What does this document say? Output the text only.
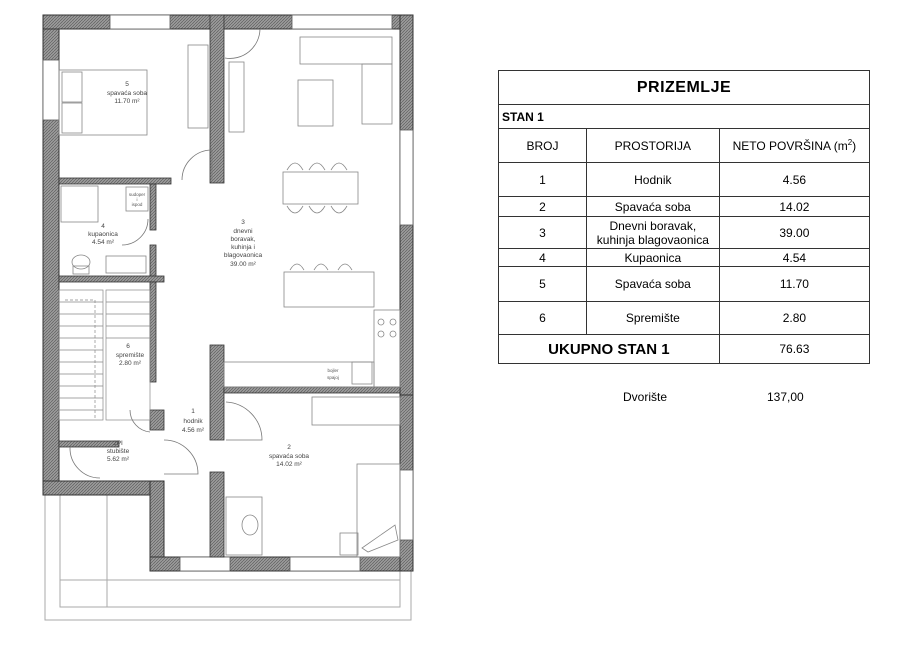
5
spavaća soba
11.70 m²
4
kupaonica
4.54 m²
3
dnevni
boravak,
kuhinja i
blagovaonica
39.00 m²
6
spremište
2.80 m²
1
hodnik
4.56 m²
2PI
stubište
5.62 m²
2
spavaća soba
14.02 m²
sudoper
i
ispod
bojler
spajoj
PRIZEMLJE		
STAN 1		
BROJ	PROSTORIJA	NETO POVRŠINA $(m^2)$
1	Hodnik	4.56
2	Spavaća soba	14.02
3	Dnevni boravak,
kuhinja blagovaonica	39.00
4	Kupaonica	4.54
5	Spavaća soba	11.70
6	Spremište	2.80
UKUPNO STAN 1		76.63
Dvorište	137,00
